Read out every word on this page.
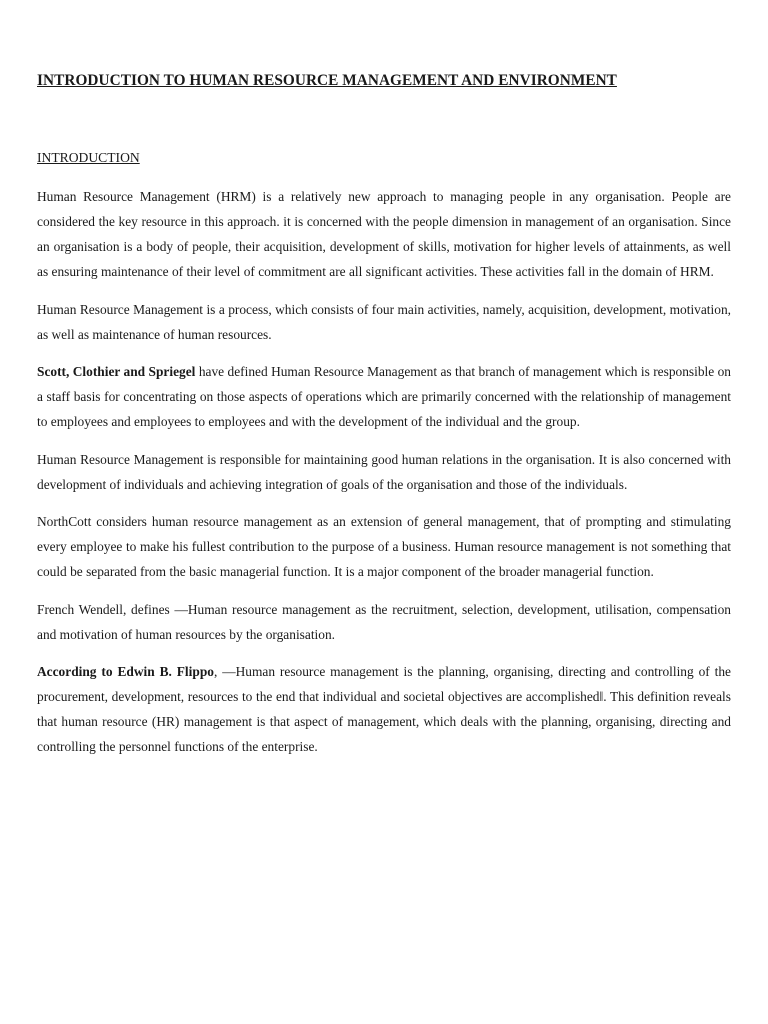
INTRODUCTION TO HUMAN RESOURCE MANAGEMENT AND ENVIRONMENT
INTRODUCTION

Human Resource Management (HRM) is a relatively new approach to managing people in any organisation. People are considered the key resource in this approach. it is concerned with the people dimension in management of an organisation. Since an organisation is a body of people, their acquisition, development of skills, motivation for higher levels of attainments, as well as ensuring maintenance of their level of commitment are all significant activities. These activities fall in the domain of HRM.

Human Resource Management is a process, which consists of four main activities, namely, acquisition, development, motivation, as well as maintenance of human resources.

Scott, Clothier and Spriegel have defined Human Resource Management as that branch of management which is responsible on a staff basis for concentrating on those aspects of operations which are primarily concerned with the relationship of management to employees and employees to employees and with the development of the individual and the group.

Human Resource Management is responsible for maintaining good human relations in the organisation. It is also concerned with development of individuals and achieving integration of goals of the organisation and those of the individuals.

NorthCott considers human resource management as an extension of general management, that of prompting and stimulating every employee to make his fullest contribution to the purpose of a business. Human resource management is not something that could be separated from the basic managerial function. It is a major component of the broader managerial function.

French Wendell, defines —Human resource management as the recruitment, selection, development, utilisation, compensation and motivation of human resources by the organisation.

According to Edwin B. Flippo, —Human resource management is the planning, organising, directing and controlling of the procurement, development, resources to the end that individual and societal objectives are accomplished‖. This definition reveals that human resource (HR) management is that aspect of management, which deals with the planning, organising, directing and controlling the personnel functions of the enterprise.
